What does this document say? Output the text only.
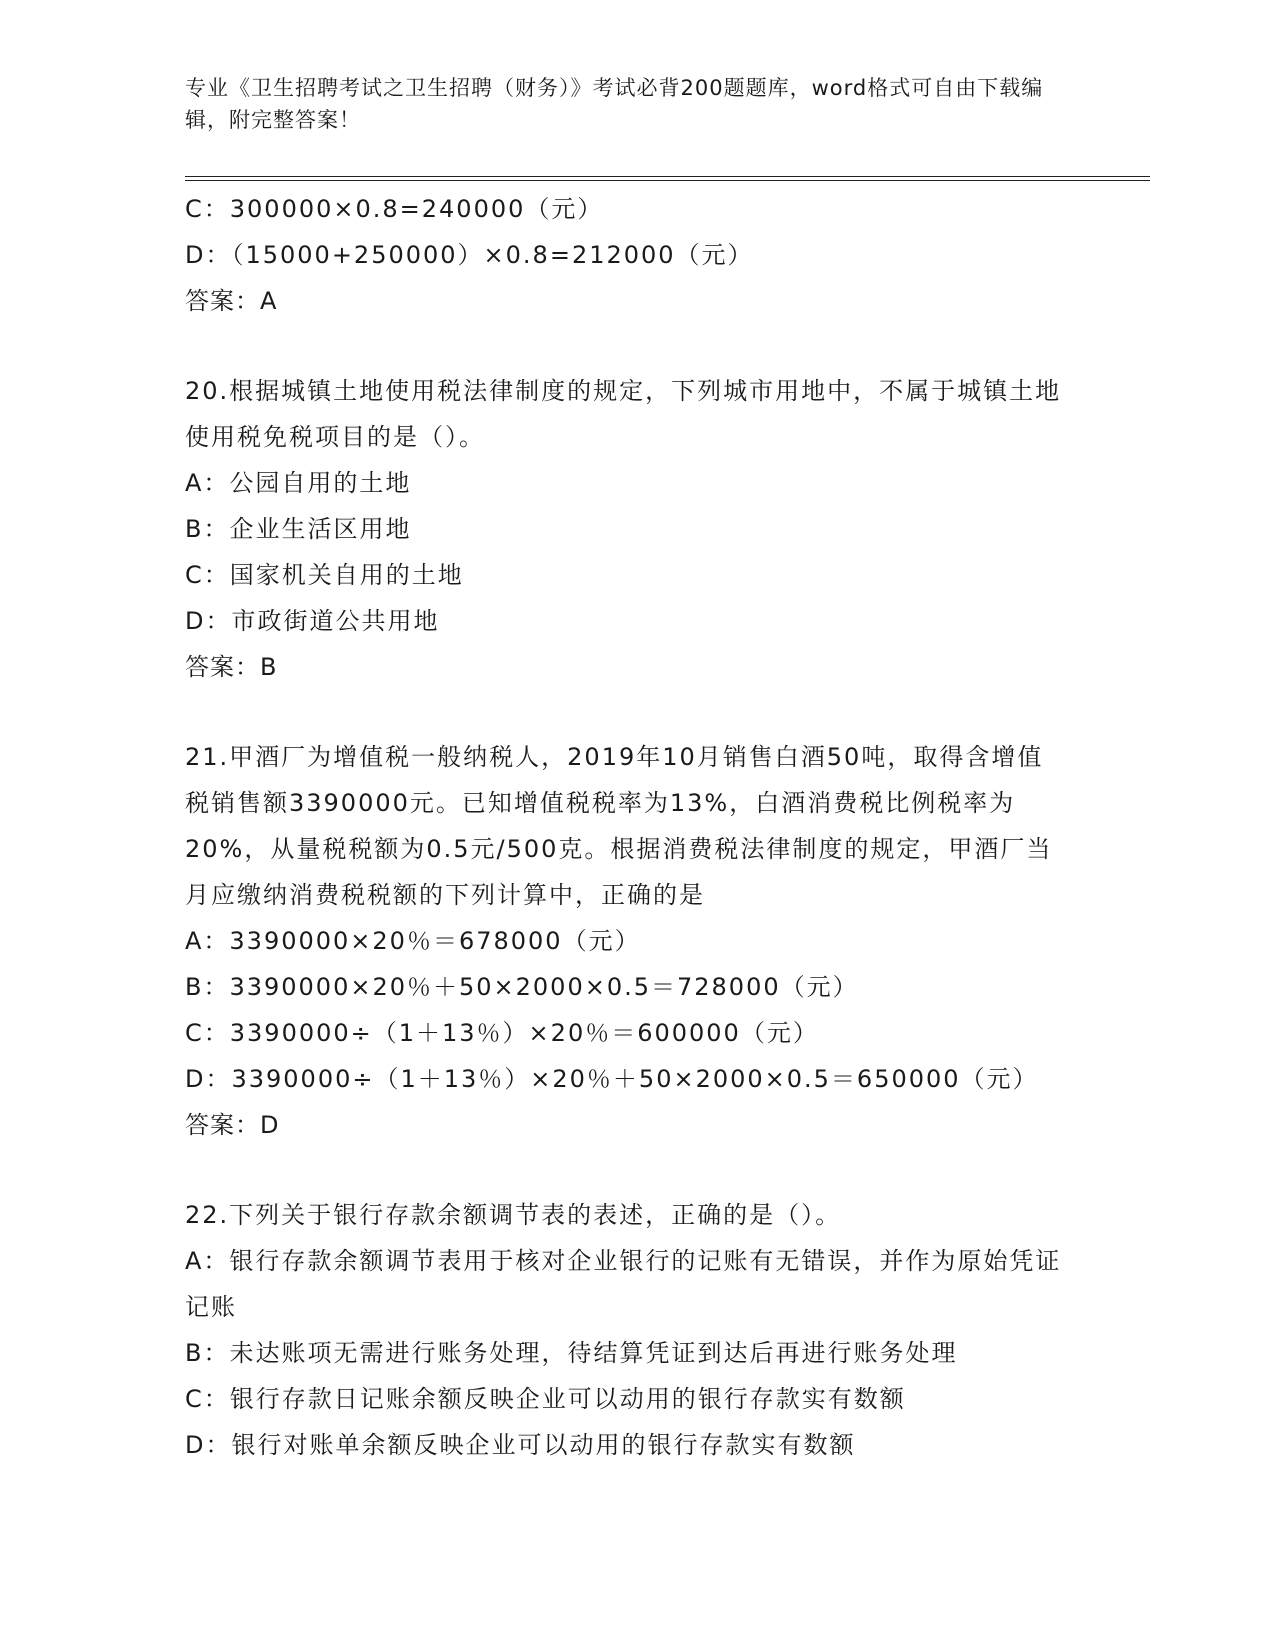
专业《卫生招聘考试之卫生招聘（财务）》考试必背200题题库，word格式可自由下载编辑，附完整答案！
C：300000×0.8=240000（元）
D：（15000+250000）×0.8=212000（元）
答案：A
20.根据城镇土地使用税法律制度的规定，下列城市用地中，不属于城镇土地使用税免税项目的是（）。
A：公园自用的土地
B：企业生活区用地
C：国家机关自用的土地
D：市政街道公共用地
答案：B
21.甲酒厂为增值税一般纳税人，2019年10月销售白酒50吨，取得含增值税销售额3390000元。已知增值税税率为13%，白酒消费税比例税率为20%，从量税税额为0.5元/500克。根据消费税法律制度的规定，甲酒厂当月应缴纳消费税税额的下列计算中，正确的是
A：3390000×20％＝678000（元）
B：3390000×20％＋50×2000×0.5＝728000（元）
C：3390000÷（1＋13％）×20％＝600000（元）
D：3390000÷（1＋13％）×20％＋50×2000×0.5＝650000（元）
答案：D
22.下列关于银行存款余额调节表的表述，正确的是（）。
A：银行存款余额调节表用于核对企业银行的记账有无错误，并作为原始凭证记账
B：未达账项无需进行账务处理，待结算凭证到达后再进行账务处理
C：银行存款日记账余额反映企业可以动用的银行存款实有数额
D：银行对账单余额反映企业可以动用的银行存款实有数额
